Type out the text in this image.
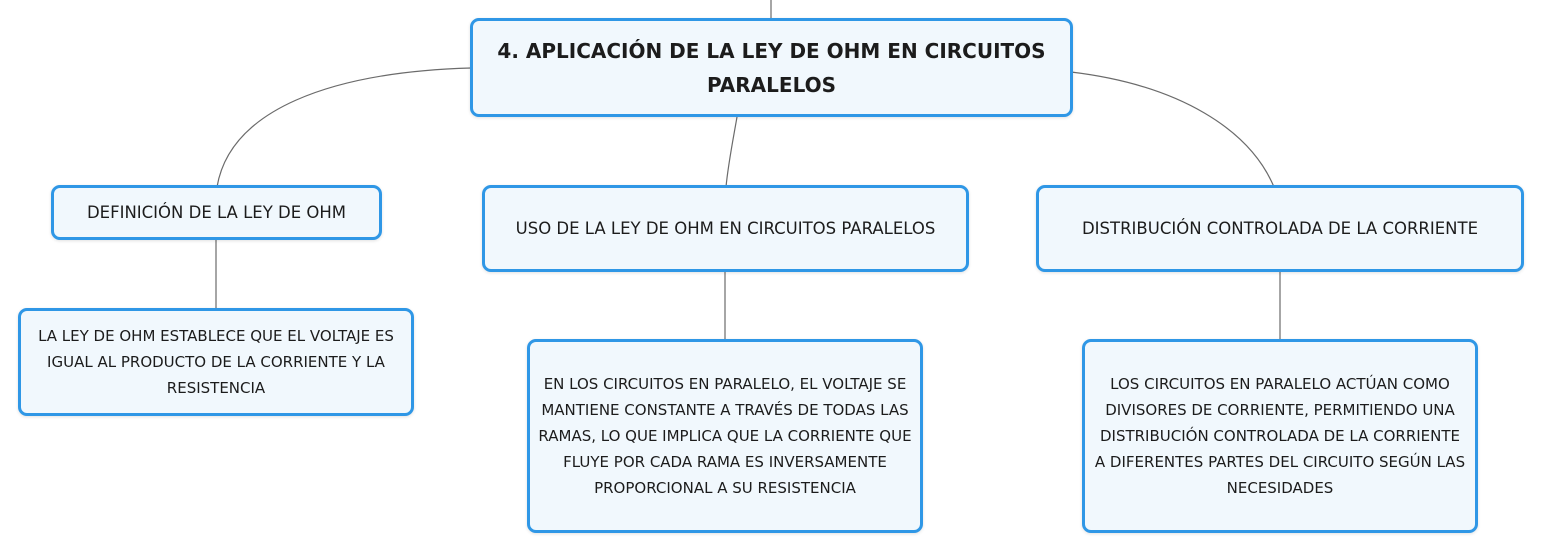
4. APLICACIÓN DE LA LEY DE OHM EN CIRCUITOS PARALELOS
DEFINICIÓN DE LA LEY DE OHM
USO DE LA LEY DE OHM EN CIRCUITOS PARALELOS	DISTRIBUCIÓN CONTROLADA DE LA CORRIENTE
LA LEY DE OHM ESTABLECE QUE EL VOLTAJE ES IGUAL AL PRODUCTO DE LA CORRIENTE Y LA RESISTENCIA	EN LOS CIRCUITOS EN PARALELO, EL VOLTAJE SE MANTIENE CONSTANTE A TRAVÉS DE TODAS LAS RAMAS, LO QUE IMPLICA QUE LA CORRIENTE QUE FLUYE POR CADA RAMA ES INVERSAMENTE PROPORCIONAL A SU RESISTENCIA
LOS CIRCUITOS EN PARALELO ACTÚAN COMO DIVISORES DE CORRIENTE, PERMITIENDO UNA DISTRIBUCIÓN CONTROLADA DE LA CORRIENTE A DIFERENTES PARTES DEL CIRCUITO SEGÚN LAS NECESIDADES
